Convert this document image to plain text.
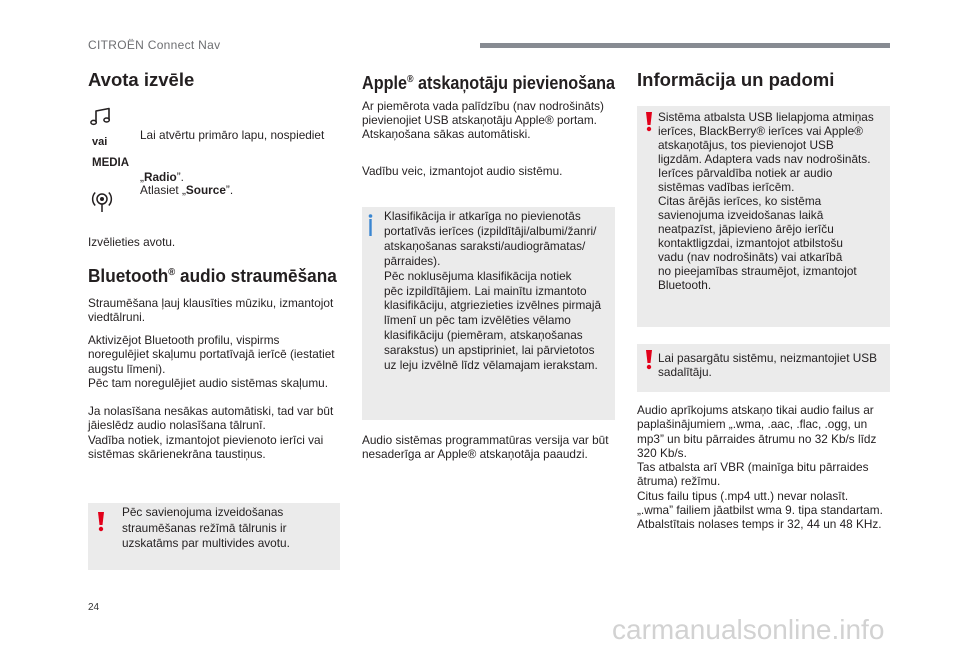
CITROËN Connect Nav
Avota izvēle

Lai atvērtu primāro lapu, nospiediet

„Radio”.

vai
MEDIA
Atlasiet „Source”.
Izvēlieties avotu.
Bluetooth® audio straumēšana
Straumēšana ļauj klausīties mūziku, izmantojot
viedtālruni.
Aktivizējot Bluetooth profilu, vispirms
noregulējiet skaļumu portatīvajā ierīcē (iestatiet
augstu līmeni).
Pēc tam noregulējiet audio sistēmas skaļumu.
Ja nolasīšana nesākas automātiski, tad var būt
jāieslēdz audio nolasīšana tālrunī.
Vadība notiek, izmantojot pievienoto ierīci vai
sistēmas skārienekrāna taustiņus.
Pēc savienojuma izveidošanas
straumēšanas režīmā tālrunis ir
uzskatāms par multivides avotu.
Apple® atskaņotāju pievienošana
Ar piemērota vada palīdzību (nav nodrošināts)
pievienojiet USB atskaņotāju Apple® portam.
Atskaņošana sākas automātiski.
Vadību veic, izmantojot audio sistēmu.
Klasifikācija ir atkarīga no pievienotās
portatīvās ierīces (izpildītāji/albumi/žanri/
atskaņošanas saraksti/audiogrāmatas/
pārraides).
Pēc noklusējuma klasifikācija notiek
pēc izpildītājiem. Lai mainītu izmantoto
klasifikāciju, atgriezieties izvēlnes pirmajā
līmenī un pēc tam izvēlēties vēlamo
klasifikāciju (piemēram, atskaņošanas
sarakstus) un apstipriniet, lai pārvietotos
uz leju izvēlnē līdz vēlamajam ierakstam.
Audio sistēmas programmatūras versija var būt
nesaderīga ar Apple® atskaņotāja paaudzi.
Informācija un padomi
Sistēma atbalsta USB lielapjoma atmiņas
ierīces, BlackBerry® ierīces vai Apple®
atskaņotājus, tos pievienojot USB
ligzdām. Adaptera vads nav nodrošināts.
Ierīces pārvaldība notiek ar audio
sistēmas vadības ierīcēm.
Citas ārējās ierīces, ko sistēma
savienojuma izveidošanas laikā
neatpazīst, jāpievieno ārējo ierīču
kontaktligzdai, izmantojot atbilstošu
vadu (nav nodrošināts) vai atkarībā
no pieejamības straumējot, izmantojot
Bluetooth.
Lai pasargātu sistēmu, neizmantojiet USB
sadalītāju.
Audio aprīkojums atskaņo tikai audio failus ar
paplašinājumiem „.wma, .aac, .flac, .ogg, un
mp3” un bitu pārraides ātrumu no 32 Kb/s līdz
320 Kb/s.
Tas atbalsta arī VBR (mainīga bitu pārraides
ātruma) režīmu.
Citus failu tipus (.mp4 utt.) nevar nolasīt.
„.wma” failiem jāatbilst wma 9. tipa standartam.
Atbalstītais nolases temps ir 32, 44 un 48 KHz.
24
carmanualsonline.info
